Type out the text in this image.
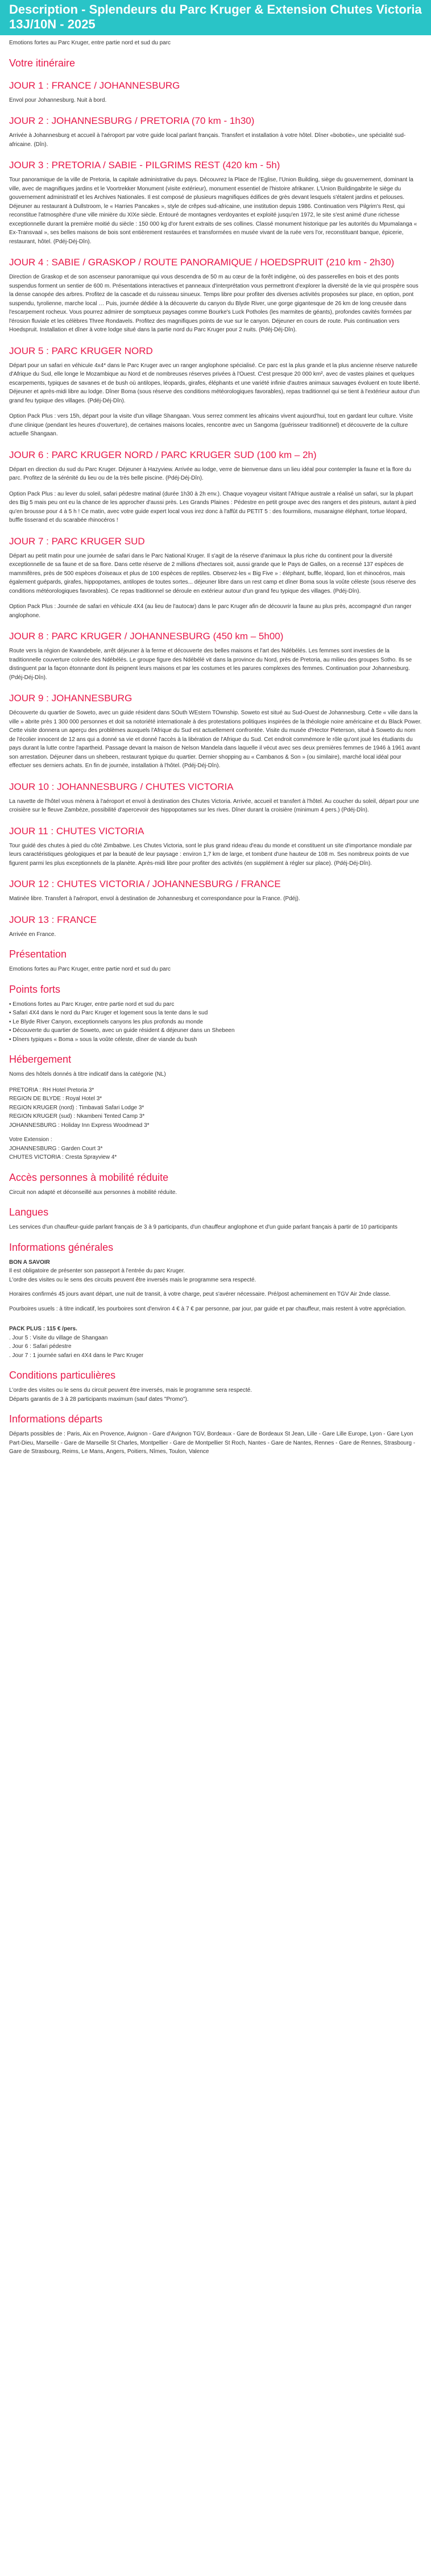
Description - Splendeurs du Parc Kruger & Extension Chutes Victoria 13J/10N - 2025

Emotions fortes au Parc Kruger, entre partie nord et sud du parc

Votre itinéraire
JOUR 1 : FRANCE / JOHANNESBURG

Envol pour Johannesburg. Nuit à bord.

JOUR 2 : JOHANNESBURG / PRETORIA (70 km - 1h30)

Arrivée à Johannesburg et accueil à l'aéroport par votre guide local parlant français. Transfert et installation à votre hôtel. Dîner «bobotie», une spécialité sud-africaine. (Dîn).

JOUR 3 : PRETORIA / SABIE - PILGRIMS REST (420 km - 5h)

Tour panoramique de la ville de Pretoria, la capitale administrative du pays. Découvrez la Place de l'Eglise, l'Union Building, siège du gouvernement, dominant la ville, avec de magnifiques jardins et le Voortrekker Monument (visite extérieur), monument essentiel de l'histoire afrikaner. L'Union Buildingabrite le siège du gouvernement administratif et les Archives Nationales. Il est composé de plusieurs magnifiques édifices de grès devant lesquels s'étalent jardins et pelouses. Déjeuner au restaurant à Dullstroom, le « Harries Pancakes », style de crêpes sud-africaine, une institution depuis 1986. Continuation vers Pilgrim's Rest, qui reconstitue l'atmosphère d'une ville minière du XIXe siècle. Entouré de montagnes verdoyantes et exploité jusqu'en 1972, le site s'est animé d'une richesse exceptionnelle durant la première moitié du siècle : 150 000 kg d'or furent extraits de ses collines. Classé monument historique par les autorités du Mpumalanga « Ex-Transvaal », ses belles maisons de bois sont entièrement restaurées et transformées en musée vivant de la ruée vers l'or, reconstituant banque, épicerie, restaurant, hôtel. (Pdéj-Déj-Dîn).

JOUR 4 : SABIE / GRASKOP / ROUTE PANORAMIQUE / HOEDSPRUIT (210 km - 2h30)

Direction de Graskop et de son ascenseur panoramique qui vous descendra de 50 m au cœur de la forêt indigène, où des passerelles en bois et des ponts suspendus forment un sentier de 600 m. Présentations interactives et panneaux d'interprétation vous permettront d'explorer la diversité de la vie qui prospère sous la dense canopée des arbres. Profitez de la cascade et du ruisseau sinueux. Temps libre pour profiter des diverses activités proposées sur place, en option, pont suspendu, tyrolienne, marche local … Puis, journée dédiée à la découverte du canyon du Blyde River, une gorge gigantesque de 26 km de long creusée dans l'escarpement rocheux. Vous pourrez admirer de somptueux paysages comme Bourke's Luck Potholes (les marmites de géants), profondes cavités formées par l'érosion fluviale et les célèbres Three Rondavels. Profitez des magnifiques points de vue sur le canyon. Déjeuner en cours de route. Puis continuation vers Hoedspruit. Installation et dîner à votre lodge situé dans la partie nord du Parc Kruger pour 2 nuits. (Pdéj-Déj-Dîn).

JOUR 5 : PARC KRUGER NORD

Départ pour un safari en véhicule 4x4* dans le Parc Kruger avec un ranger anglophone spécialisé. Ce parc est la plus grande et la plus ancienne réserve naturelle d'Afrique du Sud, elle longe le Mozambique au Nord et de nombreuses réserves privées à l'Ouest. C'est presque 20 000 km², avec de vastes plaines et quelques escarpements, typiques de savanes et de bush où antilopes, léopards, girafes, éléphants et une variété infinie d'autres animaux sauvages évoluent en toute liberté. Déjeuner et après-midi libre au lodge. Dîner Boma (sous réserve des conditions météorologiques favorables), repas traditionnel qui se tient à l'extérieur autour d'un grand feu typique des villages. (Pdéj-Déj-Dîn).

Option Pack Plus : vers 15h, départ pour la visite d'un village Shangaan. Vous serrez comment les africains vivent aujourd'hui, tout en gardant leur culture. Visite d'une clinique (pendant les heures d'ouverture), de certaines maisons locales, rencontre avec un Sangoma (guérisseur traditionnel) et découverte de la culture actuelle Shangaan.

JOUR 6 : PARC KRUGER NORD / PARC KRUGER SUD (100 km – 2h)

Départ en direction du sud du Parc Kruger. Déjeuner à Hazyview. Arrivée au lodge, verre de bienvenue dans un lieu idéal pour contempler la faune et la flore du parc. Profitez de la sérénité du lieu ou de la très belle piscine. (Pdéj-Déj-Dîn).

Option Pack Plus : au lever du soleil, safari pédestre matinal (durée 1h30 à 2h env.). Chaque voyageur visitant l'Afrique australe a réalisé un safari, sur la plupart des Big 5 mais peu ont eu la chance de les approcher d'aussi près. Les Grands Plaines : Pédestre en petit groupe avec des rangers et des pisteurs, autant à pied qu'en brousse pour 4 à 5 h ! Ce matin, avec votre guide expert local vous irez donc à l'affût du PETIT 5 : des fourmilions, musaraigne éléphant, tortue léopard, buffle tisserand et du scarabée rhinocéros !

JOUR 7 : PARC KRUGER SUD

Départ au petit matin pour une journée de safari dans le Parc National Kruger. Il s'agit de la réserve d'animaux la plus riche du continent pour la diversité exceptionnelle de sa faune et de sa flore. Dans cette réserve de 2 millions d'hectares soit, aussi grande que le Pays de Galles, on a recensé 137 espèces de mammifères, près de 500 espèces d'oiseaux et plus de 100 espèces de reptiles. Observez-les « Big Five » : éléphant, buffle, léopard, lion et rhinocéros, mais également guépards, girafes, hippopotames, antilopes de toutes sortes... déjeuner libre dans un rest camp et dîner Boma sous la voûte céleste (sous réserve des conditions météorologiques favorables). Ce repas traditionnel se déroule en extérieur autour d'un grand feu typique des villages. (Pdéj-Dîn).

Option Pack Plus : Journée de safari en véhicule 4X4 (au lieu de l'autocar) dans le parc Kruger afin de découvrir la faune au plus près, accompagné d'un ranger anglophone.

JOUR 8 : PARC KRUGER / JOHANNESBURG (450 km – 5h00)

Route vers la région de Kwandebele, arrêt déjeuner à la ferme et découverte des belles maisons et l'art des Ndébélés. Les femmes sont investies de la traditionnelle couverture colorée des Ndébélés. Le groupe figure des Ndébélé vit dans la province du Nord, près de Pretoria, au milieu des groupes Sotho. Ils se distinguent par la façon étonnante dont ils peignent leurs maisons et par les costumes et les parures complexes des femmes. Continuation pour Johannesburg. (Pdéj-Déj-Dîn).

JOUR 9 : JOHANNESBURG

Découverte du quartier de Soweto, avec un guide résident dans SOuth WEstern TOwnship. Soweto est situé au Sud-Ouest de Johannesburg. Cette « ville dans la ville » abrite près 1 300 000 personnes et doit sa notoriété internationale à des protestations politiques inspirées de la théologie noire américaine et du Black Power. Cette visite donnera un aperçu des problèmes auxquels l'Afrique du Sud est actuellement confrontée. Visite du musée d'Hector Pieterson, situé à Soweto du nom de l'écolier innocent de 12 ans qui a donné sa vie et donné l'accès à la libération de l'Afrique du Sud. Cet endroit commémore le rôle qu'ont joué les étudiants du pays durant la lutte contre l'apartheid. Passage devant la maison de Nelson Mandela dans laquelle il vécut avec ses deux premières femmes de 1946 à 1961 avant son arrestation. Déjeuner dans un shebeen, restaurant typique du quartier. Dernier shopping au « Cambanos & Son » (ou similaire), marché local idéal pour effectuer ses derniers achats. En fin de journée, installation à l'hôtel. (Pdéj-Déj-Dîn).

JOUR 10 : JOHANNESBURG / CHUTES VICTORIA

La navette de l'hôtel vous mènera à l'aéroport et envol à destination des Chutes Victoria. Arrivée, accueil et transfert à l'hôtel. Au coucher du soleil, départ pour une croisière sur le fleuve Zambèze, possibilité d'apercevoir des hippopotames sur les rives. Dîner durant la croisière (minimum 4 pers.) (Pdéj-Dîn).

JOUR 11 : CHUTES VICTORIA

Tour guidé des chutes à pied du côté Zimbabwe. Les Chutes Victoria, sont le plus grand rideau d'eau du monde et constituent un site d'importance mondiale par leurs caractéristiques géologiques et par la beauté de leur paysage : environ 1,7 km de large, et tombent d'une hauteur de 108 m. Ses nombreux points de vue figurent parmi les plus exceptionnels de la planète. Après-midi libre pour profiter des activités (en supplément à régler sur place). (Pdéj-Déj-Dîn).

JOUR 12 : CHUTES VICTORIA / JOHANNESBURG / FRANCE

Matinée libre. Transfert à l'aéroport, envol à destination de Johannesburg et correspondance pour la France. (Pdéj).

JOUR 13 : FRANCE

Arrivée en France.

Présentation

Emotions fortes au Parc Kruger, entre partie nord et sud du parc

Points forts
• Emotions fortes au Parc Kruger, entre partie nord et sud du parc
• Safari 4X4 dans le nord du Parc Kruger et logement sous la tente dans le sud
• Le Blyde River Canyon, exceptionnels canyons les plus profonds au monde
• Découverte du quartier de Soweto, avec un guide résident & déjeuner dans un Shebeen
• Dîners typiques « Boma » sous la voûte céleste, dîner de viande du bush
Hébergement

Noms des hôtels donnés à titre indicatif dans la catégorie (NL)

PRETORIA : RH Hotel Pretoria 3*
REGION DE BLYDE : Royal Hotel 3*
REGION KRUGER (nord) : Timbavati Safari Lodge 3*
REGION KRUGER (sud) : Nkambeni Tented Camp 3*
JOHANNESBURG : Holiday Inn Express Woodmead 3*
Votre Extension :
JOHANNESBURG : Garden Court 3*
CHUTES VICTORIA : Cresta Sprayview 4*
Accès personnes à mobilité réduite

Circuit non adapté et déconseillé aux personnes à mobilité réduite.

Langues

Les services d'un chauffeur-guide parlant français de 3 à 9 participants, d'un chauffeur anglophone et d'un guide parlant français à partir de 10 participants

Informations générales
BON A SAVOIR
Il est obligatoire de présenter son passeport à l'entrée du parc Kruger.
L'ordre des visites ou le sens des circuits peuvent être inversés mais le programme sera respecté.
Horaires confirmés 45 jours avant départ, une nuit de transit, à votre charge, peut s'avérer nécessaire. Pré/post acheminement en TGV Air 2nde classe.
Pourboires usuels : à titre indicatif, les pourboires sont d'environ 4 € à 7 € par personne, par jour, par guide et par chauffeur, mais restent à votre appréciation.
PACK PLUS : 115 € /pers.
. Jour 5 : Visite du village de Shangaan
. Jour 6 : Safari pédestre
. Jour 7 : 1 journée safari en 4X4 dans le Parc Kruger
Conditions particulières
L'ordre des visites ou le sens du circuit peuvent être inversés, mais le programme sera respecté.
Départs garantis de 3 à 28 participants maximum (sauf dates "Promo").
Informations départs

Départs possibles de : Paris, Aix en Provence, Avignon - Gare d'Avignon TGV, Bordeaux - Gare de Bordeaux St Jean, Lille - Gare Lille Europe, Lyon - Gare Lyon Part-Dieu, Marseille - Gare de Marseille St Charles, Montpellier - Gare de Montpellier St Roch, Nantes - Gare de Nantes, Rennes - Gare de Rennes, Strasbourg - Gare de Strasbourg, Reims, Le Mans, Angers, Poitiers, Nîmes, Toulon, Valence
